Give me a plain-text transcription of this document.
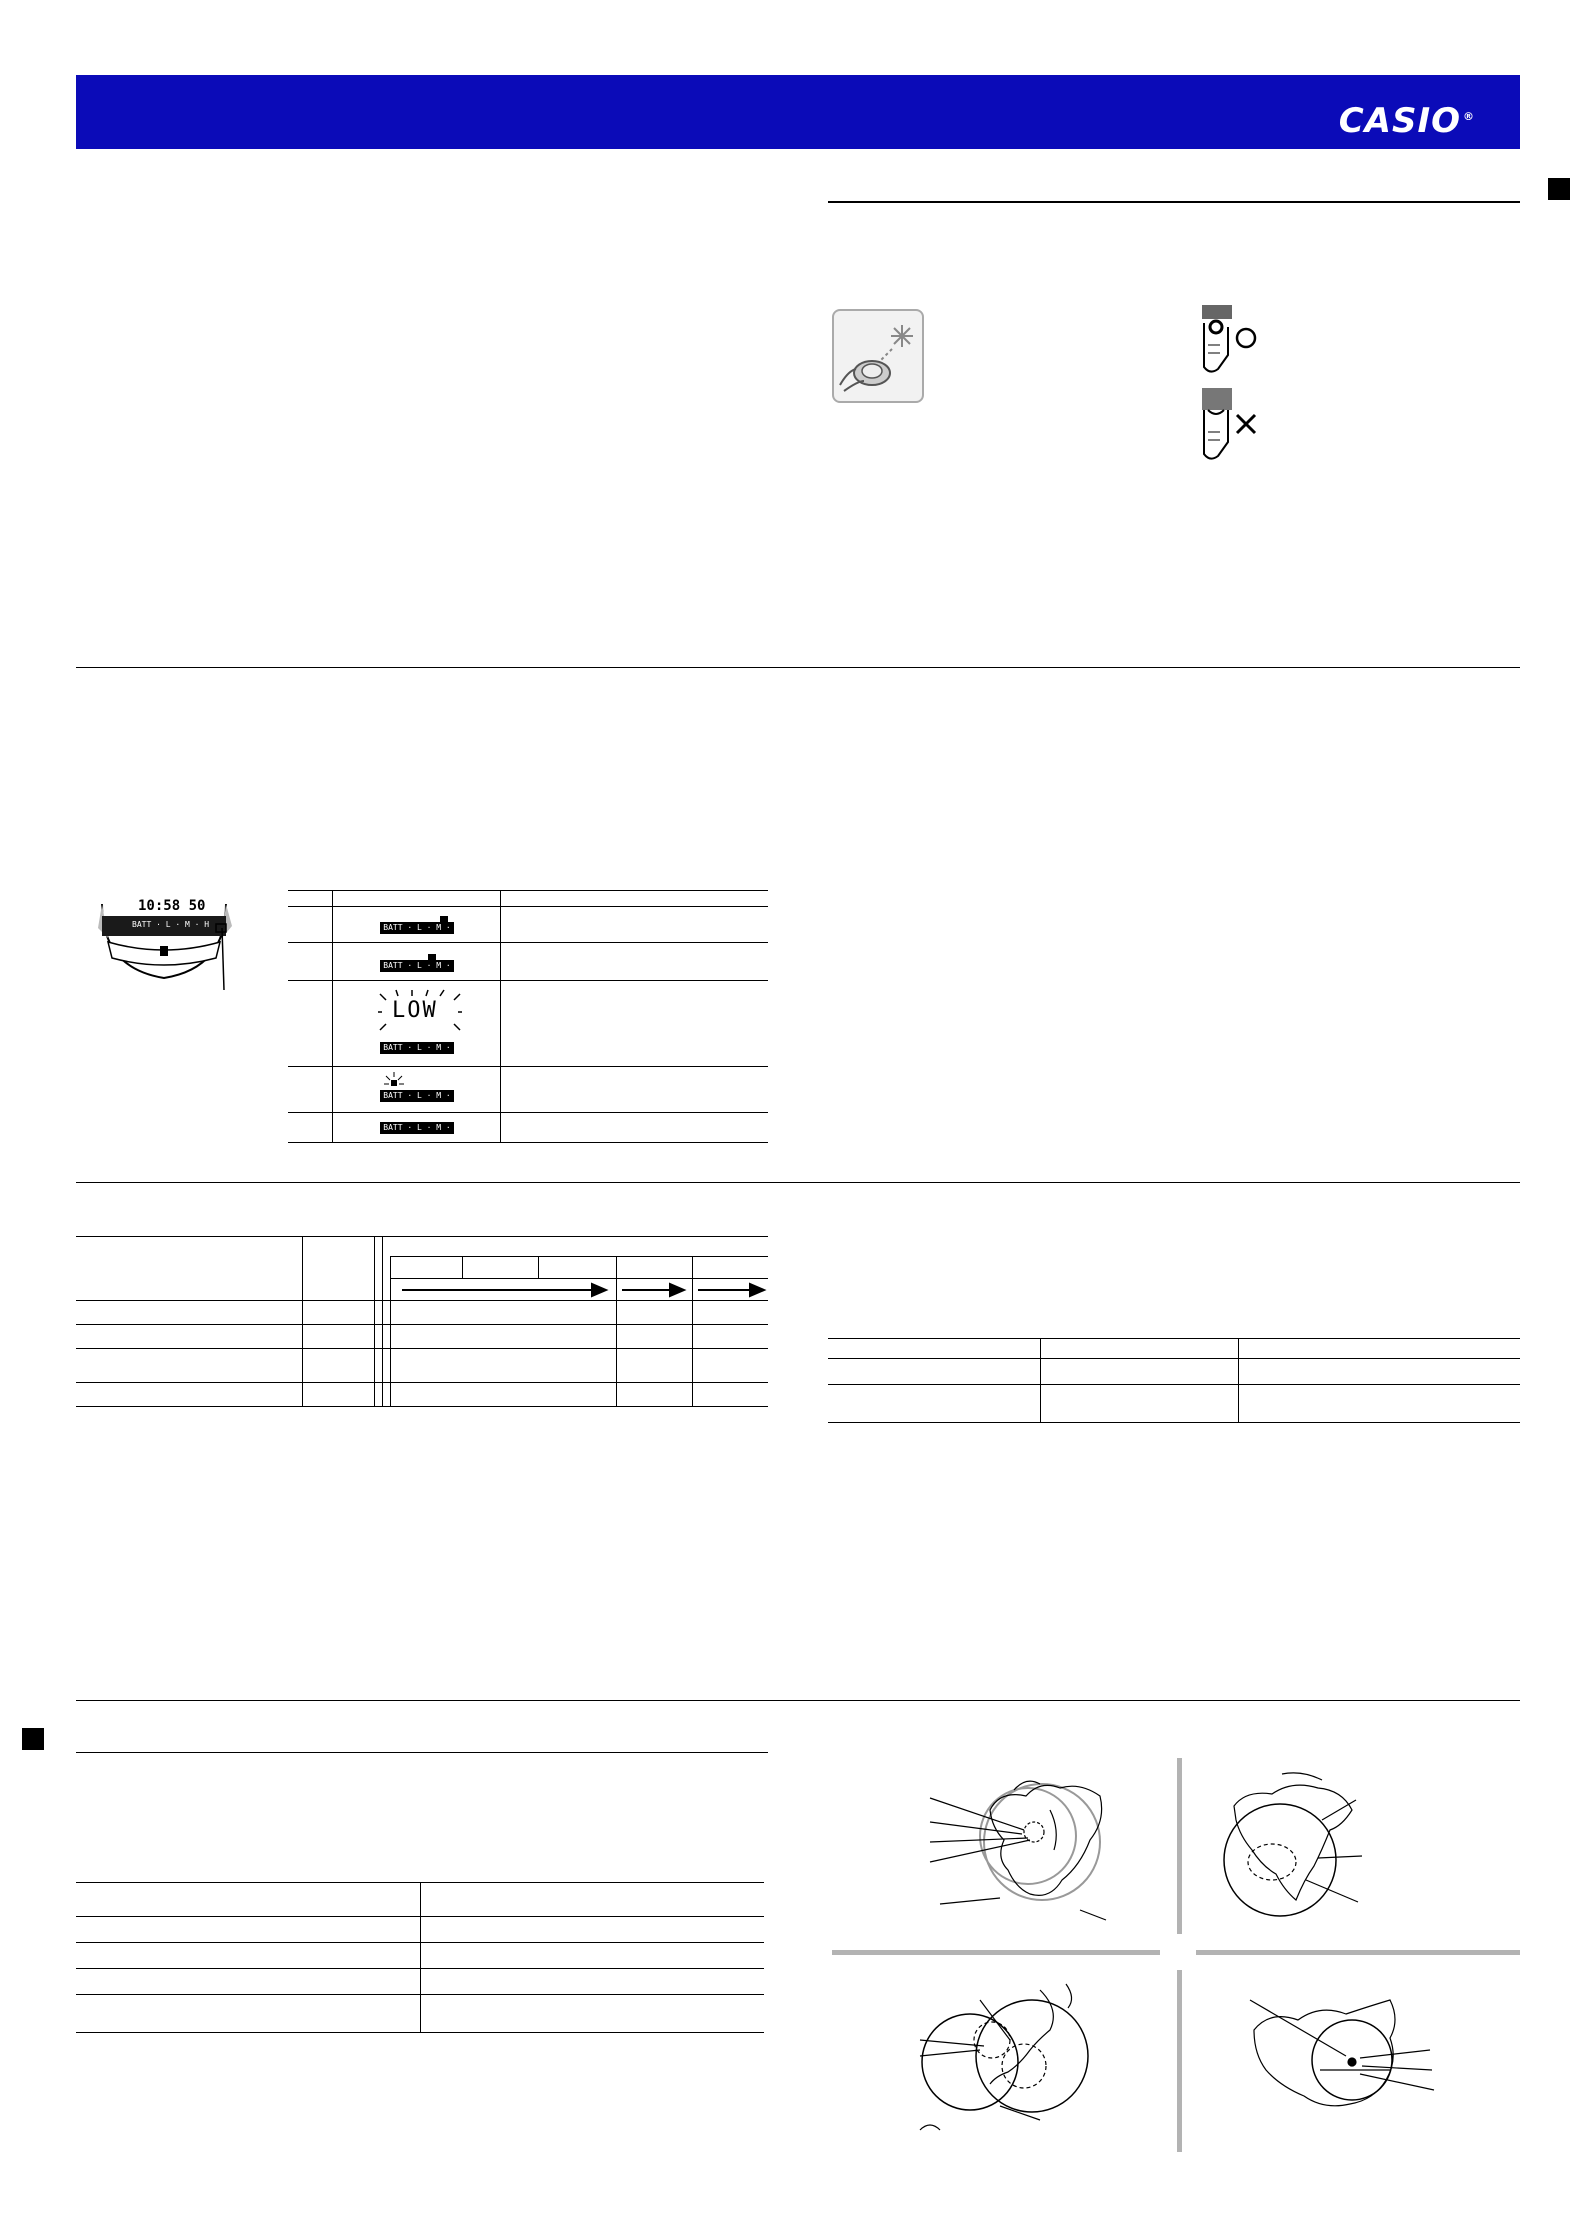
CASIO ®
10:58 50
BATT · L · M · H	BATT · L · M · H
BATT · L · M · H
LOW
BATT · L · M · H
BATT · L · M · H
BATT · L · M · H
